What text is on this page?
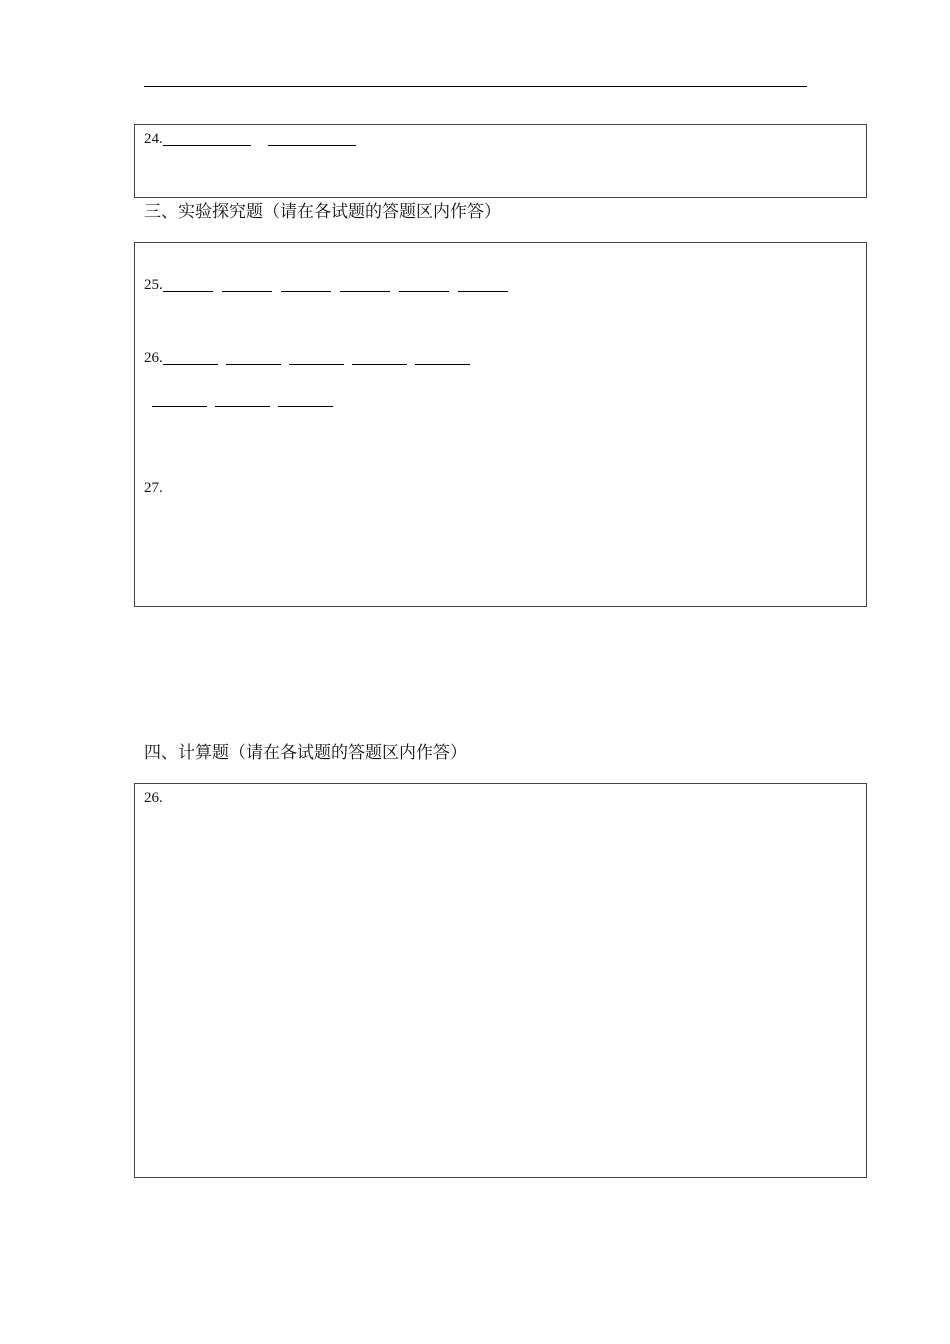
24.
三、实验探究题（请在各试题的答题区内作答）
25.
26.
27.
四、计算题（请在各试题的答题区内作答）
26.
